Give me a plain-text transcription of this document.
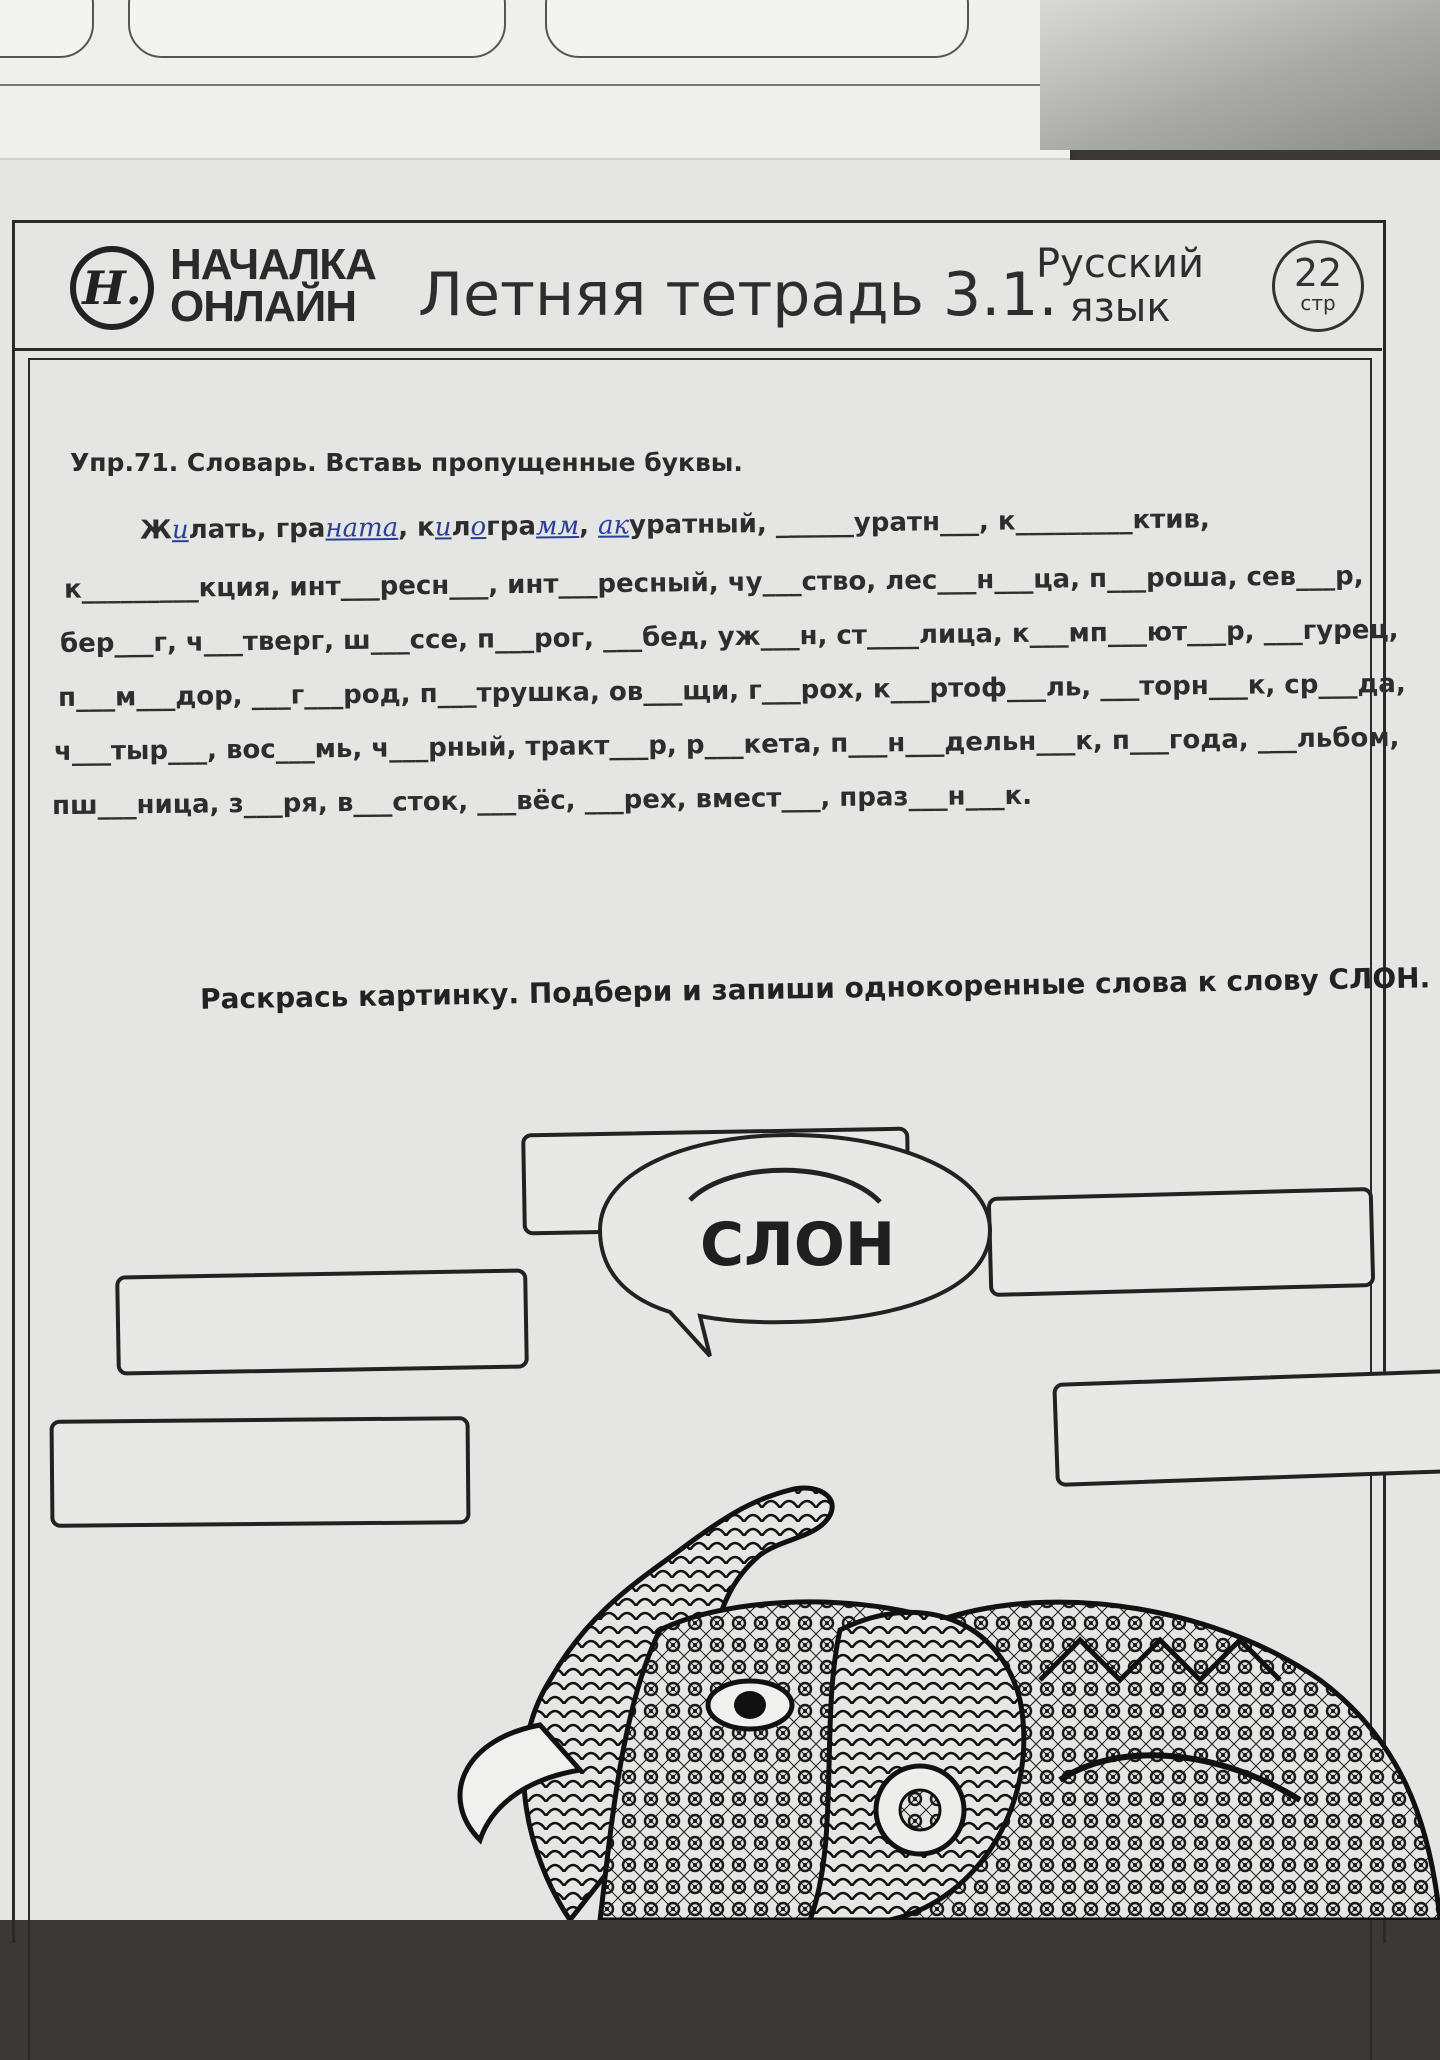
Н. НАЧАЛКА
ОНЛАЙН	Летняя тетрадь 3.1.
Русский
язык
22
стр
Упр.71. Словарь. Вставь пропущенные буквы.
Жилать, граната, килограмм, акуратный, ______уратн___, к_________ктив,
к_________кция, инт___ресн___, инт___ресный, чу___ство, лес___н___ца, п___роша, сев___р,
бер___г, ч___тверг, ш___ссе, п___рог, ___бед, уж___н, ст____лица, к___мп___ют___р, ___гурец,
п___м___дор, ___г___род, п___трушка, ов___щи, г___рох, к___ртоф___ль, ___торн___к, ср___да,
ч___тыр___, вос___мь, ч___рный, тракт___р, р___кета, п___н___дельн___к, п___года, ___льбом,
пш___ница, з___ря, в___сток, ___вёс, ___рех, вмест___, праз___н___к.
Раскрась картинку. Подбери и запиши однокоренные слова к слову СЛОН.
СЛОН
